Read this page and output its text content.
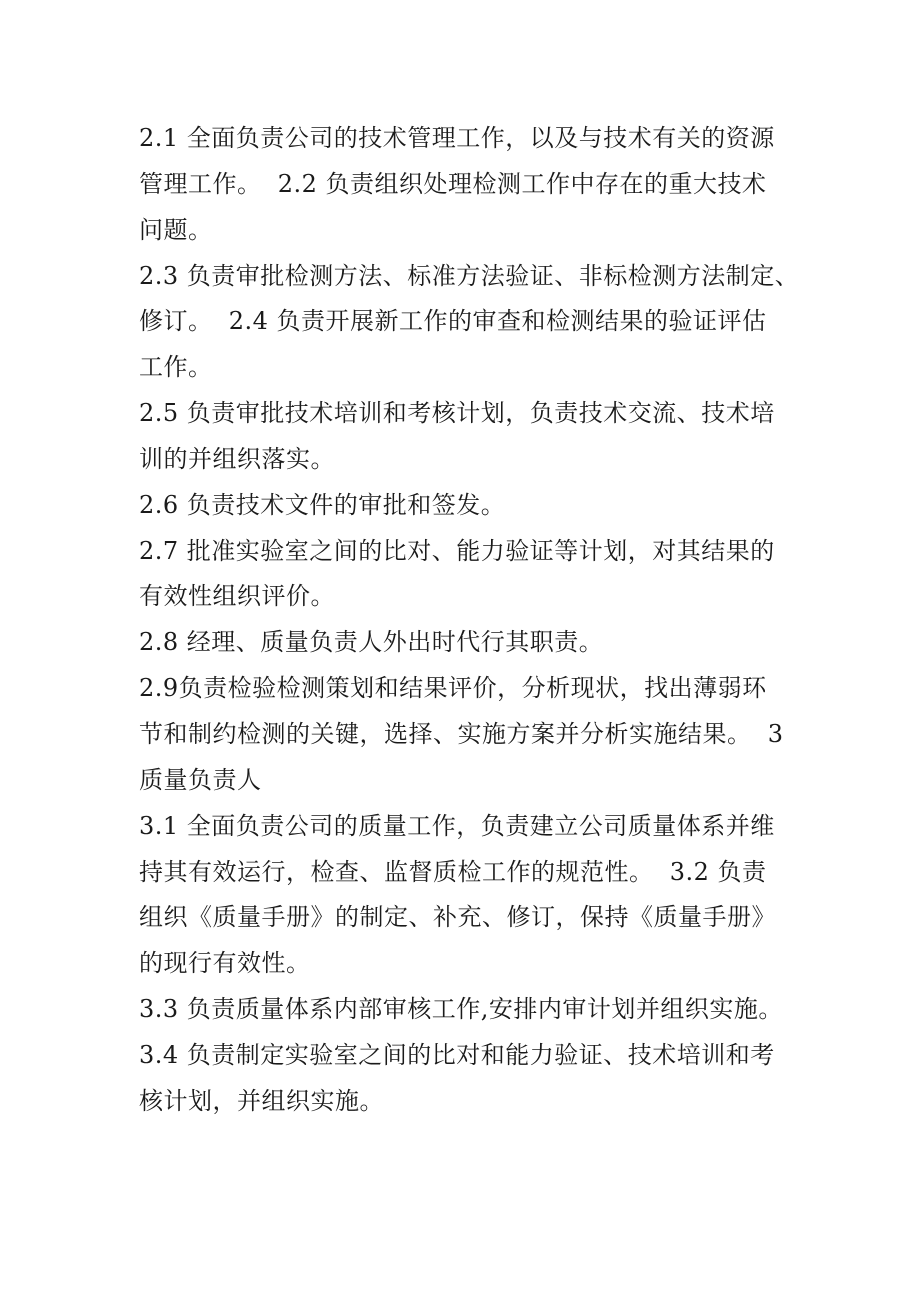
2.1 全面负责公司的技术管理工作，以及与技术有关的资源
管理工作。  2.2 负责组织处理检测工作中存在的重大技术
问题。
2.3 负责审批检测方法、标准方法验证、非标检测方法制定、
修订。  2.4 负责开展新工作的审查和检测结果的验证评估
工作。
2.5 负责审批技术培训和考核计划，负责技术交流、技术培
训的并组织落实。
2.6 负责技术文件的审批和签发。
2.7 批准实验室之间的比对、能力验证等计划，对其结果的
有效性组织评价。
2.8 经理、质量负责人外出时代行其职责。
2.9负责检验检测策划和结果评价，分析现状，找出薄弱环
节和制约检测的关键，选择、实施方案并分析实施结果。  3
质量负责人
3.1 全面负责公司的质量工作，负责建立公司质量体系并维
持其有效运行，检查、监督质检工作的规范性。  3.2 负责
组织《质量手册》的制定、补充、修订，保持《质量手册》
的现行有效性。
3.3 负责质量体系内部审核工作,安排内审计划并组织实施。
3.4 负责制定实验室之间的比对和能力验证、技术培训和考
核计划，并组织实施。
